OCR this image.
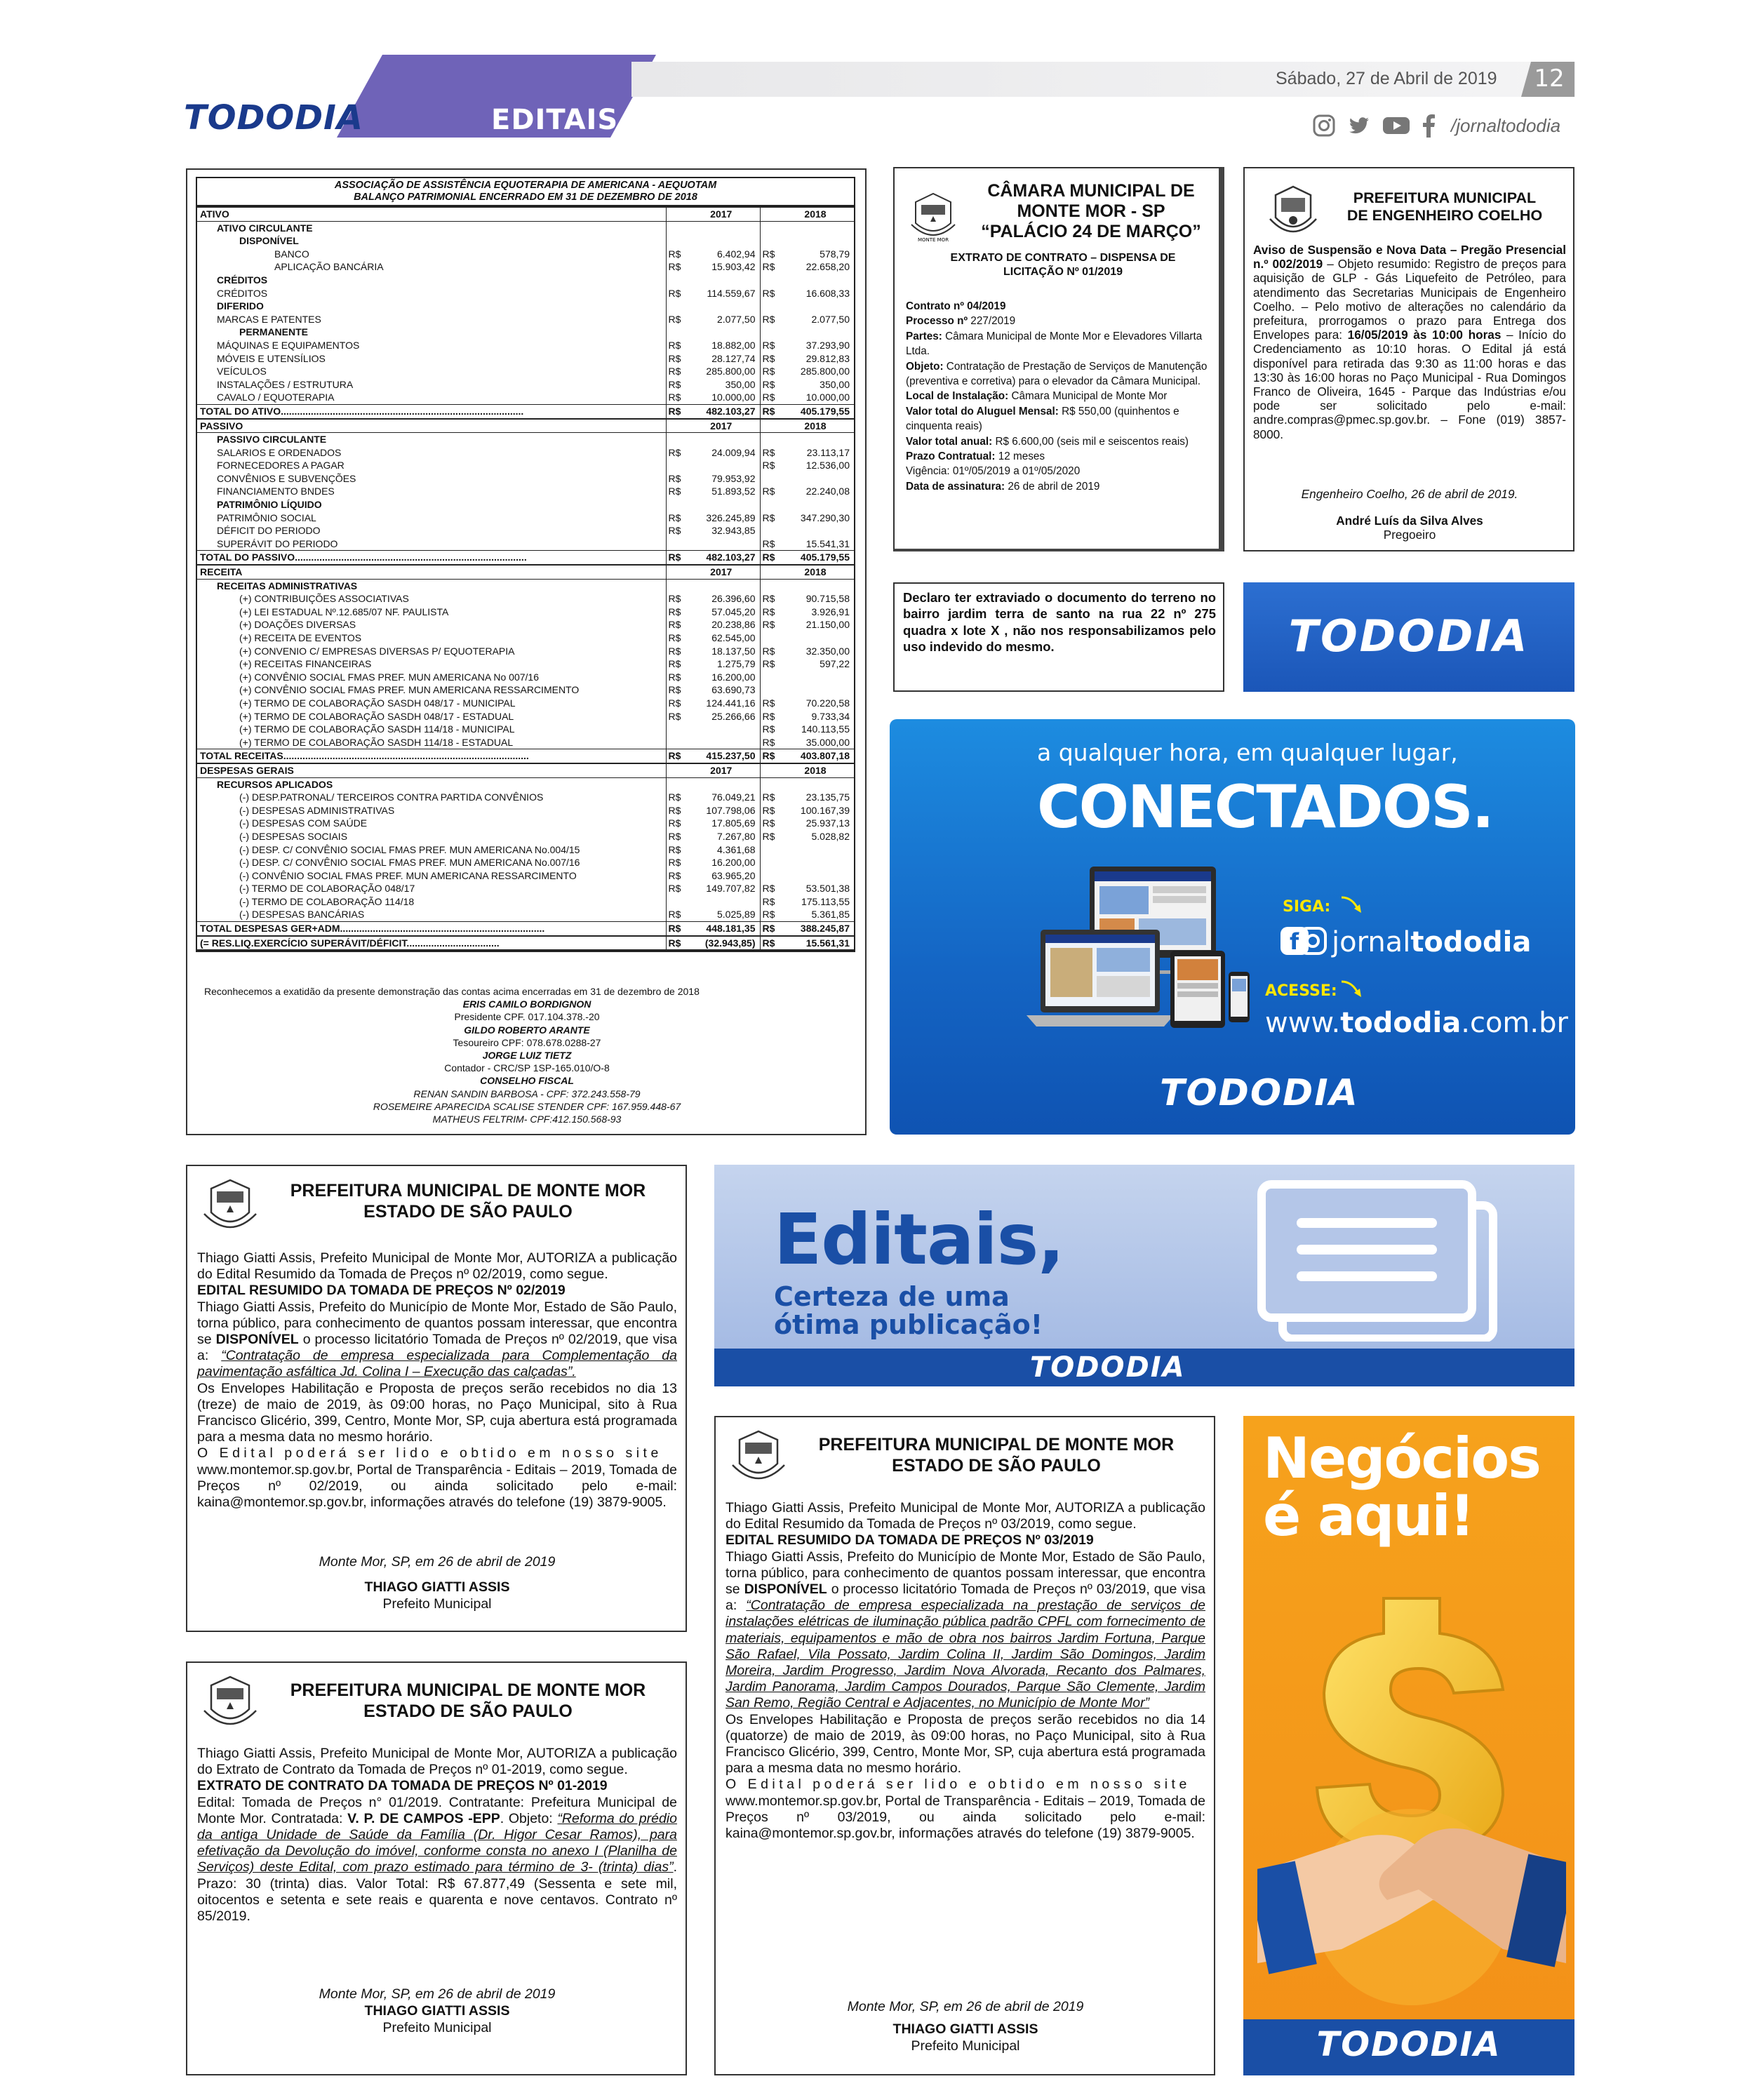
TODODIA	EDITAIS
Sábado, 27 de Abril de 2019	12
/jornaltododia
ASSOCIAÇÃO DE ASSISTÊNCIA EQUOTERAPIA DE AMERICANA - AEQUOTAM
BALANÇO PATRIMONIAL ENCERRADO EM 31 DE DEZEMBRO DE 2018
ATIVO		2017		2018
ATIVO CIRCULANTE				
DISPONÍVEL				
BANCO	R$	6.402,94	R$	578,79
APLICAÇÃO BANCÁRIA	R$	15.903,42	R$	22.658,20
CRÉDITOS				
CRÉDITOS	R$	114.559,67	R$	16.608,33
DIFERIDO				
MARCAS E PATENTES	R$	2.077,50	R$	2.077,50
PERMANENTE				
MÁQUINAS E EQUIPAMENTOS	R$	18.882,00	R$	37.293,90
MÓVEIS E UTENSÍLIOS	R$	28.127,74	R$	29.812,83
VEÍCULOS	R$	285.800,00	R$	285.800,00
INSTALAÇÕES / ESTRUTURA	R$	350,00	R$	350,00
CAVALO / EQUOTERAPIA	R$	10.000,00	R$	10.000,00
TOTAL DO ATIVO.........................................................................................	R$	482.103,27	R$	405.179,55
PASSIVO		2017		2018
PASSIVO CIRCULANTE				
SALARIOS E ORDENADOS	R$	24.009,94	R$	23.113,17
FORNECEDORES A PAGAR			R$	12.536,00
CONVÊNIOS E SUBVENÇÕES	R$	79.953,92		
FINANCIAMENTO BNDES	R$	51.893,52	R$	22.240,08
PATRIMÔNIO LÍQUIDO				
PATRIMÔNIO SOCIAL	R$	326.245,89	R$	347.290,30
DÉFICIT DO PERIODO	R$	32.943,85		
SUPERÁVIT DO PERIODO			R$	15.541,31
TOTAL DO PASSIVO.....................................................................................	R$	482.103,27	R$	405.179,55
RECEITA		2017		2018
RECEITAS ADMINISTRATIVAS				
(+) CONTRIBUIÇÕES ASSOCIATIVAS	R$	26.396,60	R$	90.715,58
(+) LEI ESTADUAL Nº.12.685/07 NF. PAULISTA	R$	57.045,20	R$	3.926,91
(+) DOAÇÕES DIVERSAS	R$	20.238,86	R$	21.150,00
(+) RECEITA DE EVENTOS	R$	62.545,00		
(+) CONVENIO C/ EMPRESAS DIVERSAS P/ EQUOTERAPIA	R$	18.137,50	R$	32.350,00
(+) RECEITAS FINANCEIRAS	R$	1.275,79	R$	597,22
(+) CONVÊNIO SOCIAL FMAS PREF. MUN AMERICANA No 007/16	R$	16.200,00		
(+) CONVÊNIO SOCIAL FMAS PREF. MUN AMERICANA RESSARCIMENTO	R$	63.690,73		
(+) TERMO DE COLABORAÇÃO SASDH 048/17 - MUNICIPAL	R$	124.441,16	R$	70.220,58
(+) TERMO DE COLABORAÇÃO SASDH 048/17 - ESTADUAL	R$	25.266,66	R$	9.733,34
(+) TERMO DE COLABORAÇÃO SASDH 114/18 - MUNICIPAL			R$	140.113,55
(+) TERMO DE COLABORAÇÃO SASDH 114/18 - ESTADUAL			R$	35.000,00
TOTAL RECEITAS..........................................................................................	R$	415.237,50	R$	403.807,18
DESPESAS GERAIS		2017		2018
RECURSOS APLICADOS				
(-) DESP.PATRONAL/ TERCEIROS CONTRA PARTIDA CONVÊNIOS	R$	76.049,21	R$	23.135,75
(-) DESPESAS ADMINISTRATIVAS	R$	107.798,06	R$	100.167,39
(-) DESPESAS COM SAÚDE	R$	17.805,69	R$	25.937,13
(-) DESPESAS SOCIAIS	R$	7.267,80	R$	5.028,82
(-) DESP. C/ CONVÊNIO SOCIAL FMAS PREF. MUN AMERICANA No.004/15	R$	4.361,68		
(-) DESP. C/ CONVÊNIO SOCIAL FMAS PREF. MUN AMERICANA No.007/16	R$	16.200,00		
(-) CONVÊNIO SOCIAL FMAS PREF. MUN AMERICANA RESSARCIMENTO	R$	63.965,20		
(-) TERMO DE COLABORAÇÃO 048/17	R$	149.707,82	R$	53.501,38
(-) TERMO DE COLABORAÇÃO 114/18			R$	175.113,55
(-) DESPESAS BANCÁRIAS	R$	5.025,89	R$	5.361,85
TOTAL DESPESAS GER+ADM...........................................................................	R$	448.181,35	R$	388.245,87
(= RES.LIQ.EXERCÍCIO SUPERÁVIT/DÉFICIT..................................	R$	(32.943,85)	R$	15.561,31
Reconhecemos a exatidão da presente demonstração das contas acima encerradas em 31 de dezembro de 2018
ERIS CAMILO BORDIGNON
Presidente CPF. 017.104.378.-20
GILDO ROBERTO ARANTE
Tesoureiro CPF: 078.678.0288-27
JORGE LUIZ TIETZ
Contador - CRC/SP 1SP-165.010/O-8
CONSELHO FISCAL
RENAN SANDIN BARBOSA - CPF: 372.243.558-79
ROSEMEIRE APARECIDA SCALISE STENDER CPF: 167.959.448-67
MATHEUS FELTRIM- CPF:412.150.568-93
MONTE MOR
CÂMARA MUNICIPAL DE
MONTE MOR - SP
“PALÁCIO 24 DE MARÇO”
EXTRATO DE CONTRATO – DISPENSA DE
LICITAÇÃO Nº 01/2019
Contrato nº 04/2019
Processo nº 227/2019
Partes: Câmara Municipal de Monte Mor e Elevadores Villarta Ltda.
Objeto: Contratação de Prestação de Serviços de Manutenção (preventiva e corretiva) para o elevador da Câmara Municipal.
Local de Instalação: Câmara Municipal de Monte Mor
Valor total do Aluguel Mensal: R$ 550,00 (quinhentos e cinquenta reais)
Valor total anual: R$ 6.600,00 (seis mil e seiscentos reais)
Prazo Contratual: 12 meses
Vigência: 01º/05/2019 a 01º/05/2020
Data de assinatura: 26 de abril de 2019
PREFEITURA MUNICIPAL
DE ENGENHEIRO COELHO
Aviso de Suspensão e Nova Data – Pregão Presencial n.º 002/2019 – Objeto resumido: Registro de preços para aquisição de GLP - Gás Liquefeito de Petróleo, para atendimento das Secretarias Municipais de Engenheiro Coelho. – Pelo motivo de alterações no calendário da prefeitura, prorrogamos o prazo para Entrega dos Envelopes para: 16/05/2019 às 10:00 horas – Início do Credenciamento as 10:10 horas. O Edital já está disponível para retirada das 9:30 as 11:00 horas e das 13:30 às 16:00 horas no Paço Municipal - Rua Domingos Franco de Oliveira, 1645 - Parque das Indústrias e/ou pode ser solicitado pelo e-mail: andre.compras@pmec.sp.gov.br. – Fone (019) 3857-8000.
Engenheiro Coelho, 26 de abril de 2019.
André Luís da Silva Alves
Pregoeiro
Declaro ter extraviado o documento do terreno no bairro jardim terra de santo na rua 22 nº 275 quadra x lote X , não nos responsabilizamos pelo uso indevido do mesmo.	TODODIA
a qualquer hora, em qualquer lugar,
CONECTADOS.
SIGA:
f jornaltododia
ACESSE:
www.tododia.com.br
TODODIA
PREFEITURA MUNICIPAL DE MONTE MOR
ESTADO DE SÃO PAULO
Thiago Giatti Assis, Prefeito Municipal de Monte Mor, AUTORIZA a publicação do Edital Resumido da Tomada de Preços nº 02/2019, como segue.
EDITAL RESUMIDO DA TOMADA DE PREÇOS Nº 02/2019
Thiago Giatti Assis, Prefeito do Município de Monte Mor, Estado de São Paulo, torna público, para conhecimento de quantos possam interessar, que encontra se DISPONÍVEL o processo licitatório Tomada de Preços nº 02/2019, que visa a: “Contratação de empresa especializada para Complementação da pavimentação asfáltica Jd. Colina I – Execução das calçadas”.
Os Envelopes Habilitação e Proposta de preços serão recebidos no dia 13 (treze) de maio de 2019, às 09:00 horas, no Paço Municipal, sito à Rua Francisco Glicério, 399, Centro, Monte Mor, SP, cuja abertura está programada para a mesma data no mesmo horário.
O Edital poderá ser lido e obtido em nosso site
www.montemor.sp.gov.br, Portal de Transparência - Editais – 2019, Tomada de Preços nº 02/2019, ou ainda solicitado pelo e-mail: kaina@montemor.sp.gov.br, informações através do telefone (19) 3879-9005.
Monte Mor, SP, em 26 de abril de 2019
THIAGO GIATTI ASSIS
Prefeito Municipal
PREFEITURA MUNICIPAL DE MONTE MOR
ESTADO DE SÃO PAULO
Thiago Giatti Assis, Prefeito Municipal de Monte Mor, AUTORIZA a publicação do Extrato de Contrato da Tomada de Preços nº 01-2019, como segue.
EXTRATO DE CONTRATO DA TOMADA DE PREÇOS Nº 01-2019
Edital: Tomada de Preços n° 01/2019. Contratante: Prefeitura Municipal de Monte Mor. Contratada: V. P. DE CAMPOS -EPP. Objeto: “Reforma do prédio da antiga Unidade de Saúde da Família (Dr. Higor Cesar Ramos), para efetivação da Devolução do imóvel, conforme consta no anexo I (Planilha de Serviços) deste Edital, com prazo estimado para término de 3- (trinta) dias”. Prazo: 30 (trinta) dias. Valor Total: R$ 67.877,49 (Sessenta e sete mil, oitocentos e setenta e sete reais e quarenta e nove centavos. Contrato nº 85/2019.
Monte Mor, SP, em 26 de abril de 2019
THIAGO GIATTI ASSIS
Prefeito Municipal
Editais,
Certeza de uma
ótima publicação!
TODODIA
PREFEITURA MUNICIPAL DE MONTE MOR
ESTADO DE SÃO PAULO
Thiago Giatti Assis, Prefeito Municipal de Monte Mor, AUTORIZA a publicação do Edital Resumido da Tomada de Preços nº 03/2019, como segue.
EDITAL RESUMIDO DA TOMADA DE PREÇOS Nº 03/2019
Thiago Giatti Assis, Prefeito do Município de Monte Mor, Estado de São Paulo, torna público, para conhecimento de quantos possam interessar, que encontra se DISPONÍVEL o processo licitatório Tomada de Preços nº 03/2019, que visa a: “Contratação de empresa especializada na prestação de serviços de instalações elétricas de iluminação pública padrão CPFL com fornecimento de materiais, equipamentos e mão de obra nos bairros Jardim Fortuna, Parque São Rafael, Vila Possato, Jardim Colina II, Jardim São Domingos, Jardim Moreira, Jardim Progresso, Jardim Nova Alvorada, Recanto dos Palmares, Jardim Panorama, Jardim Campos Dourados, Parque São Clemente, Jardim San Remo, Região Central e Adjacentes, no Município de Monte Mor”
Os Envelopes Habilitação e Proposta de preços serão recebidos no dia 14 (quatorze) de maio de 2019, às 09:00 horas, no Paço Municipal, sito à Rua Francisco Glicério, 399, Centro, Monte Mor, SP, cuja abertura está programada para a mesma data no mesmo horário.
O Edital poderá ser lido e obtido em nosso site
www.montemor.sp.gov.br, Portal de Transparência - Editais – 2019, Tomada de Preços nº 03/2019, ou ainda solicitado pelo e-mail: kaina@montemor.sp.gov.br, informações através do telefone (19) 3879-9005.
Monte Mor, SP, em 26 de abril de 2019
THIAGO GIATTI ASSIS
Prefeito Municipal
Negócios
é aqui!
TODODIA
